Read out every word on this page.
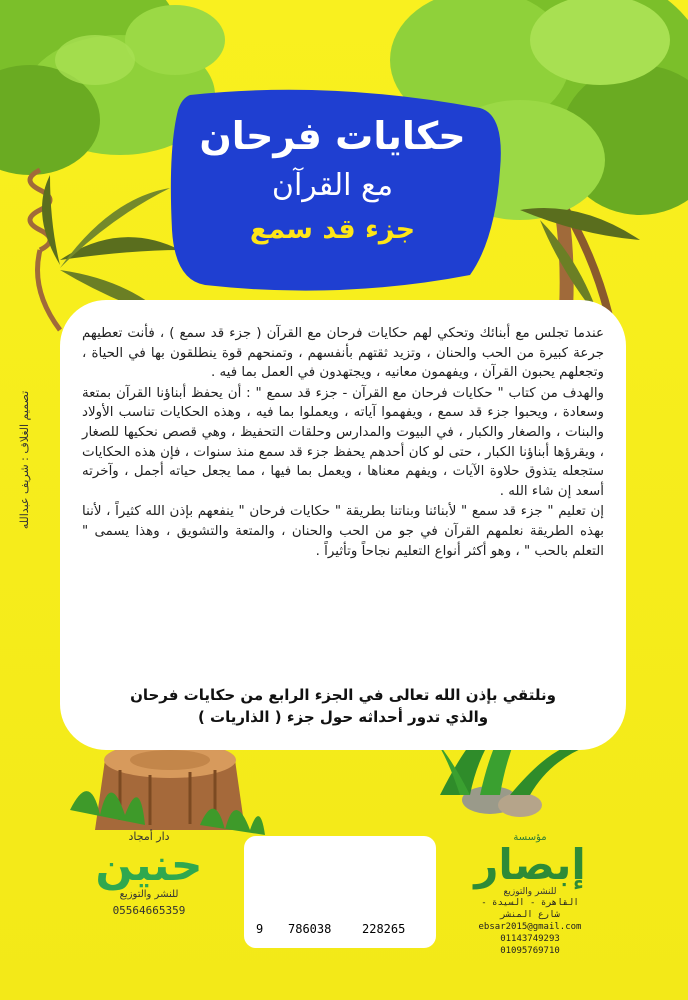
حكايات فرحان
مع القرآن
جزء قد سمع

عندما تجلس مع أبنائك وتحكي لهم حكايات فرحان مع القرآن ( جزء قد سمع ) ، فأنت تعطيهم جرعة كبيرة من الحب والحنان ، وتزيد ثقتهم بأنفسهم ، وتمنحهم قوة ينطلقون بها في الحياة ، وتجعلهم يحبون القرآن ، ويفهمون معانيه ، ويجتهدون في العمل بما فيه .

والهدف من كتاب " حكايات فرحان مع القرآن - جزء قد سمع " : أن يحفظ أبناؤنا القرآن بمتعة وسعادة ، ويحبوا جزء قد سمع ، ويفهموا آياته ، ويعملوا بما فيه ، وهذه الحكايات تناسب الأولاد والبنات ، والصغار والكبار ، في البيوت والمدارس وحلقات التحفيظ ، وهي قصص نحكيها للصغار ، ويقرؤها أبناؤنا الكبار ، حتى لو كان أحدهم يحفظ جزء قد سمع منذ سنوات ، فإن هذه الحكايات ستجعله يتذوق حلاوة الآيات ، ويفهم معناها ، ويعمل بما فيها ، مما يجعل حياته أجمل ، وآخرته أسعد إن شاء الله .

إن تعليم " جزء قد سمع " لأبنائنا وبناتنا بطريقة " حكايات فرحان " ينفعهم بإذن الله كثيراً ، لأننا بهذه الطريقة نعلمهم القرآن في جو من الحب والحنان ، والمتعة والتشويق ، وهذا يسمى " التعلم بالحب " ، وهو أكثر أنواع التعليم نجاحاً وتأثيراً .

ونلتقي بإذن الله تعالى في الجزء الرابع من حكايات فرحان

والذي تدور أحداثه حول جزء ( الذاريات )

تصميم الغلاف : شريف عبدالله
9 786038	228265
دار أمجاد
حنين
للنشر والتوزيع
05564665359
مؤسسة
إبصار
للنشر والتوزيع
القاهرة - السيدة - شارع المنشر
ebsar2015@gmail.com
01143749293
01095769710
